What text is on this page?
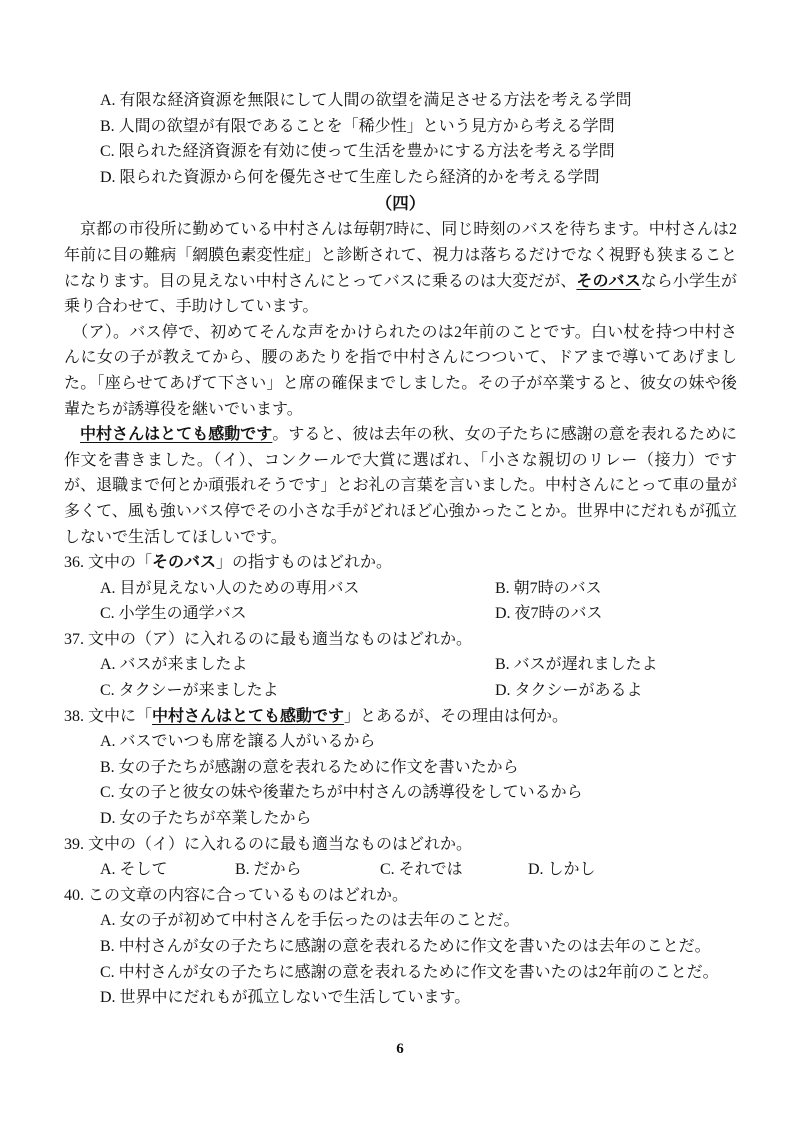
A. 有限な経済資源を無限にして人間の欲望を満足させる方法を考える学問
B. 人間の欲望が有限であることを「稀少性」という見方から考える学問
C. 限られた経済資源を有効に使って生活を豊かにする方法を考える学問
D. 限られた資源から何を優先させて生産したら経済的かを考える学問
（四）

　京都の市役所に勤めている中村さんは毎朝7時に、同じ時刻のバスを待ちます。中村さんは2年前に目の難病「網膜色素変性症」と診断されて、視力は落ちるだけでなく視野も狭まることになります。目の見えない中村さんにとってバスに乗るのは大変だが、そのバスなら小学生が乗り合わせて、手助けしています。

　（ア）。バス停で、初めてそんな声をかけられたのは2年前のことです。白い杖を持つ中村さんに女の子が教えてから、腰のあたりを指で中村さんにつついて、ドアまで導いてあげました。「座らせてあげて下さい」と席の確保までしました。その子が卒業すると、彼女の妹や後輩たちが誘導役を継いでいます。

　中村さんはとても感動です。すると、彼は去年の秋、女の子たちに感謝の意を表れるために作文を書きました。（イ）、コンクールで大賞に選ばれ、「小さな親切のリレー（接力）ですが、退職まで何とか頑張れそうです」とお礼の言葉を言いました。中村さんにとって車の量が多くて、風も強いバス停でその小さな手がどれほど心強かったことか。世界中にだれもが孤立しないで生活してほしいです。

36. 文中の「そのバス」の指すものはどれか。
A. 目が見えない人のための専用バス	B. 朝7時のバス
C. 小学生の通学バス	D. 夜7時のバス
37. 文中の（ア）に入れるのに最も適当なものはどれか。
A. バスが来ましたよ	B. バスが遅れましたよ
C. タクシーが来ましたよ	D. タクシーがあるよ
38. 文中に「中村さんはとても感動です」とあるが、その理由は何か。
A. バスでいつも席を譲る人がいるから
B. 女の子たちが感謝の意を表れるために作文を書いたから
C. 女の子と彼女の妹や後輩たちが中村さんの誘導役をしているから
D. 女の子たちが卒業したから
39. 文中の（イ）に入れるのに最も適当なものはどれか。
A. そして	B. だから	C. それでは	D. しかし
40. この文章の内容に合っているものはどれか。
A. 女の子が初めて中村さんを手伝ったのは去年のことだ。
B. 中村さんが女の子たちに感謝の意を表れるために作文を書いたのは去年のことだ。
C. 中村さんが女の子たちに感謝の意を表れるために作文を書いたのは2年前のことだ。
D. 世界中にだれもが孤立しないで生活しています。
6
